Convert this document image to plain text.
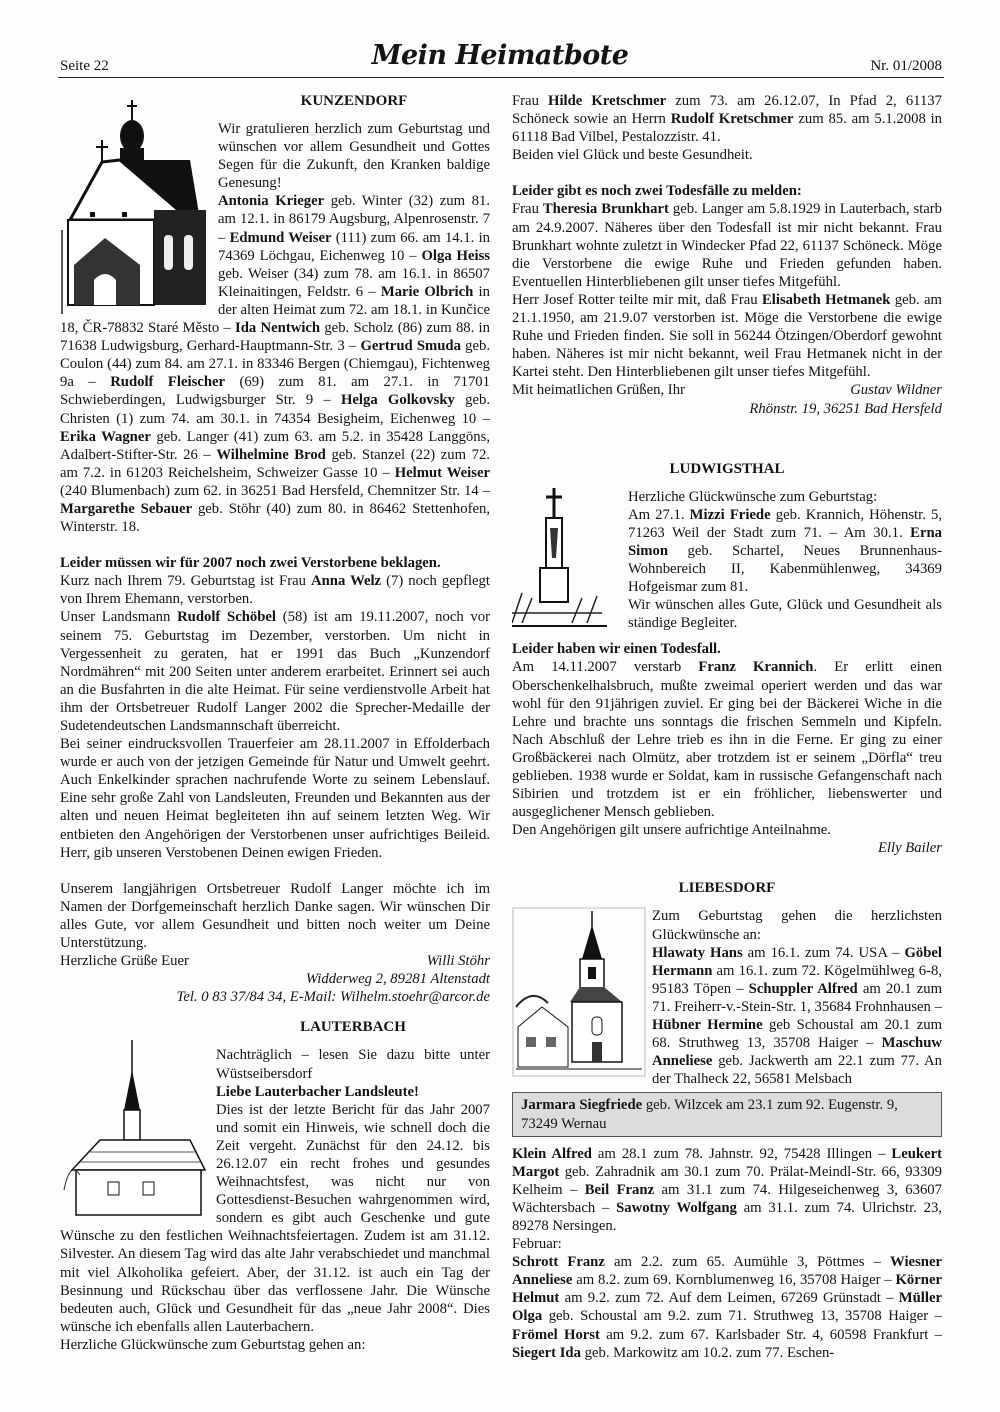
Seite 22	Mein Heimatbote	Nr. 01/2008
KUNZENDORF

Wir gratulieren herzlich zum Geburtstag und wünschen vor allem Gesundheit und Gottes Segen für die Zukunft, den Kranken baldige Genesung!

Antonia Krieger geb. Winter (32) zum 81. am 12.1. in 86179 Augsburg, Alpenrosenstr. 7 – Edmund Weiser (111) zum 66. am 14.1. in 74369 Löchgau, Eichenweg 10 – Olga Heiss geb. Weiser (34) zum 78. am 16.1. in 86507 Kleinaitingen, Feldstr. 6 – Marie Olbrich in der alten Heimat zum 72. am 18.1. in Kunčice 18, ČR-78832 Staré Město – Ida Nentwich geb. Scholz (86) zum 88. in 71638 Ludwigsburg, Gerhard-Hauptmann-Str. 3 – Gertrud Smuda geb. Coulon (44) zum 84. am 27.1. in 83346 Bergen (Chiemgau), Fichtenweg 9a – Rudolf Fleischer (69) zum 81. am 27.1. in 71701 Schwieberdingen, Ludwigsburger Str. 9 – Helga Golkovsky geb. Christen (1) zum 74. am 30.1. in 74354 Besigheim, Eichenweg 10 – Erika Wagner geb. Langer (41) zum 63. am 5.2. in 35428 Langgöns, Adalbert-Stifter-Str. 26 – Wilhelmine Brod geb. Stanzel (22) zum 72. am 7.2. in 61203 Reichelsheim, Schweizer Gasse 10 – Helmut Weiser (240 Blumenbach) zum 62. in 36251 Bad Hersfeld, Chemnitzer Str. 14 – Margarethe Sebauer geb. Stöhr (40) zum 80. in 86462 Stettenhofen, Winterstr. 18.

Leider müssen wir für 2007 noch zwei Verstorbene beklagen.

Kurz nach Ihrem 79. Geburtstag ist Frau Anna Welz (7) noch gepflegt von Ihrem Ehemann, verstorben.

Unser Landsmann Rudolf Schöbel (58) ist am 19.11.2007, noch vor seinem 75. Geburtstag im Dezember, verstorben. Um nicht in Vergessenheit zu geraten, hat er 1991 das Buch „Kunzendorf Nordmähren“ mit 200 Seiten unter anderem erarbeitet. Erinnert sei auch an die Busfahrten in die alte Heimat. Für seine verdienstvolle Arbeit hat ihm der Ortsbetreuer Rudolf Langer 2002 die Sprecher-Medaille der Sudetendeutschen Landsmannschaft überreicht.

Bei seiner eindrucksvollen Trauerfeier am 28.11.2007 in Effolderbach wurde er auch von der jetzigen Gemeinde für Natur und Umwelt geehrt. Auch Enkelkinder sprachen nachrufende Worte zu seinem Lebenslauf. Eine sehr große Zahl von Landsleuten, Freunden und Bekannten aus der alten und neuen Heimat begleiteten ihn auf seinem letzten Weg. Wir entbieten den Angehörigen der Verstorbenen unser aufrichtiges Beileid. Herr, gib unseren Verstobenen Deinen ewigen Frieden.

Unserem langjährigen Ortsbetreuer Rudolf Langer möchte ich im Namen der Dorfgemeinschaft herzlich Danke sagen. Wir wünschen Dir alles Gute, vor allem Gesundheit und bitten noch weiter um Deine Unterstützung.

Herzliche Grüße Euer	Willi Stöhr

Widderweg 2, 89281 Altenstadt

Tel. 0 83 37/84 34, E-Mail: Wilhelm.stoehr@arcor.de

LAUTERBACH

Nachträglich – lesen Sie dazu bitte unter Wüstseibersdorf

Liebe Lauterbacher Landsleute!

Dies ist der letzte Bericht für das Jahr 2007 und somit ein Hinweis, wie schnell doch die Zeit vergeht. Zunächst für den 24.12. bis 26.12.07 ein recht frohes und gesundes Weihnachtsfest, was nicht nur von Gottesdienst-Besuchen wahrgenommen wird, sondern es gibt auch Geschenke und gute Wünsche zu den festlichen Weihnachtsfeiertagen. Zudem ist am 31.12. Silvester. An diesem Tag wird das alte Jahr verabschiedet und manchmal mit viel Alkoholika gefeiert. Aber, der 31.12. ist auch ein Tag der Besinnung und Rückschau über das verflossene Jahr. Die Wünsche bedeuten auch, Glück und Gesundheit für das „neue Jahr 2008“. Dies wünsche ich ebenfalls allen Lauterbachern.

Herzliche Glückwünsche zum Geburtstag gehen an:

Frau Hilde Kretschmer zum 73. am 26.12.07, In Pfad 2, 61137 Schöneck sowie an Herrn Rudolf Kretschmer zum 85. am 5.1.2008 in 61118 Bad Vilbel, Pestalozzistr. 41.

Beiden viel Glück und beste Gesundheit.

Leider gibt es noch zwei Todesfälle zu melden:

Frau Theresia Brunkhart geb. Langer am 5.8.1929 in Lauterbach, starb am 24.9.2007. Näheres über den Todesfall ist mir nicht bekannt. Frau Brunkhart wohnte zuletzt in Windecker Pfad 22, 61137 Schöneck. Möge die Verstorbene die ewige Ruhe und Frieden gefunden haben. Eventuellen Hinterbliebenen gilt unser tiefes Mitgefühl.

Herr Josef Rotter teilte mir mit, daß Frau Elisabeth Hetmanek geb. am 21.1.1950, am 21.9.07 verstorben ist. Möge die Verstorbene die ewige Ruhe und Frieden finden. Sie soll in 56244 Ötzingen/Oberdorf gewohnt haben. Näheres ist mir nicht bekannt, weil Frau Hetmanek nicht in der Kartei steht. Den Hinterbliebenen gilt unser tiefes Mitgefühl.

Mit heimatlichen Grüßen, Ihr	Gustav Wildner

Rhönstr. 19, 36251 Bad Hersfeld

LUDWIGSTHAL

Herzliche Glückwünsche zum Geburtstag:

Am 27.1. Mizzi Friede geb. Krannich, Höhenstr. 5, 71263 Weil der Stadt zum 71. – Am 30.1. Erna Simon geb. Schartel, Neues Brunnenhaus-Wohnbereich II, Kabenmühlenweg, 34369 Hofgeismar zum 81.

Wir wünschen alles Gute, Glück und Gesundheit als ständige Begleiter.

Leider haben wir einen Todesfall.

Am 14.11.2007 verstarb Franz Krannich. Er erlitt einen Oberschenkelhalsbruch, mußte zweimal operiert werden und das war wohl für den 91jährigen zuviel. Er ging bei der Bäckerei Wiche in die Lehre und brachte uns sonntags die frischen Semmeln und Kipfeln. Nach Abschluß der Lehre trieb es ihn in die Ferne. Er ging zu einer Großbäckerei nach Olmütz, aber trotzdem ist er seinem „Dörfla“ treu geblieben. 1938 wurde er Soldat, kam in russische Gefangenschaft nach Sibirien und trotzdem ist er ein fröhlicher, liebenswerter und ausgeglichener Mensch geblieben.

Den Angehörigen gilt unsere aufrichtige Anteilnahme.

Elly Bailer

LIEBESDORF

Zum Geburtstag gehen die herzlichsten Glückwünsche an:

Hlawaty Hans am 16.1. zum 74. USA – Göbel Hermann am 16.1. zum 72. Kögelmühlweg 6-8, 95183 Töpen – Schuppler Alfred am 20.1 zum 71. Freiherr-v.-Stein-Str. 1, 35684 Frohnhausen – Hübner Hermine geb Schoustal am 20.1 zum 68. Struthweg 13, 35708 Haiger – Maschuw Anneliese geb. Jackwerth am 22.1 zum 77. An der Thalheck 22, 56581 Melsbach

Jarmara Siegfriede geb. Wilzcek am 23.1 zum 92. Eugenstr. 9, 73249 Wernau

Klein Alfred am 28.1 zum 78. Jahnstr. 92, 75428 Illingen – Leukert Margot geb. Zahradnik am 30.1 zum 70. Prälat-Meindl-Str. 66, 93309 Kelheim – Beil Franz am 31.1 zum 74. Hilgeseichenweg 3, 63607 Wächtersbach – Sawotny Wolfgang am 31.1. zum 74. Ulrichstr. 23, 89278 Nersingen.

Februar:

Schrott Franz am 2.2. zum 65. Aumühle 3, Pöttmes – Wiesner Anneliese am 8.2. zum 69. Kornblumenweg 16, 35708 Haiger – Körner Helmut am 9.2. zum 72. Auf dem Leimen, 67269 Grünstadt – Müller Olga geb. Schoustal am 9.2. zum 71. Struthweg 13, 35708 Haiger – Frömel Horst am 9.2. zum 67. Karlsbader Str. 4, 60598 Frankfurt – Siegert Ida geb. Markowitz am 10.2. zum 77. Eschen-
